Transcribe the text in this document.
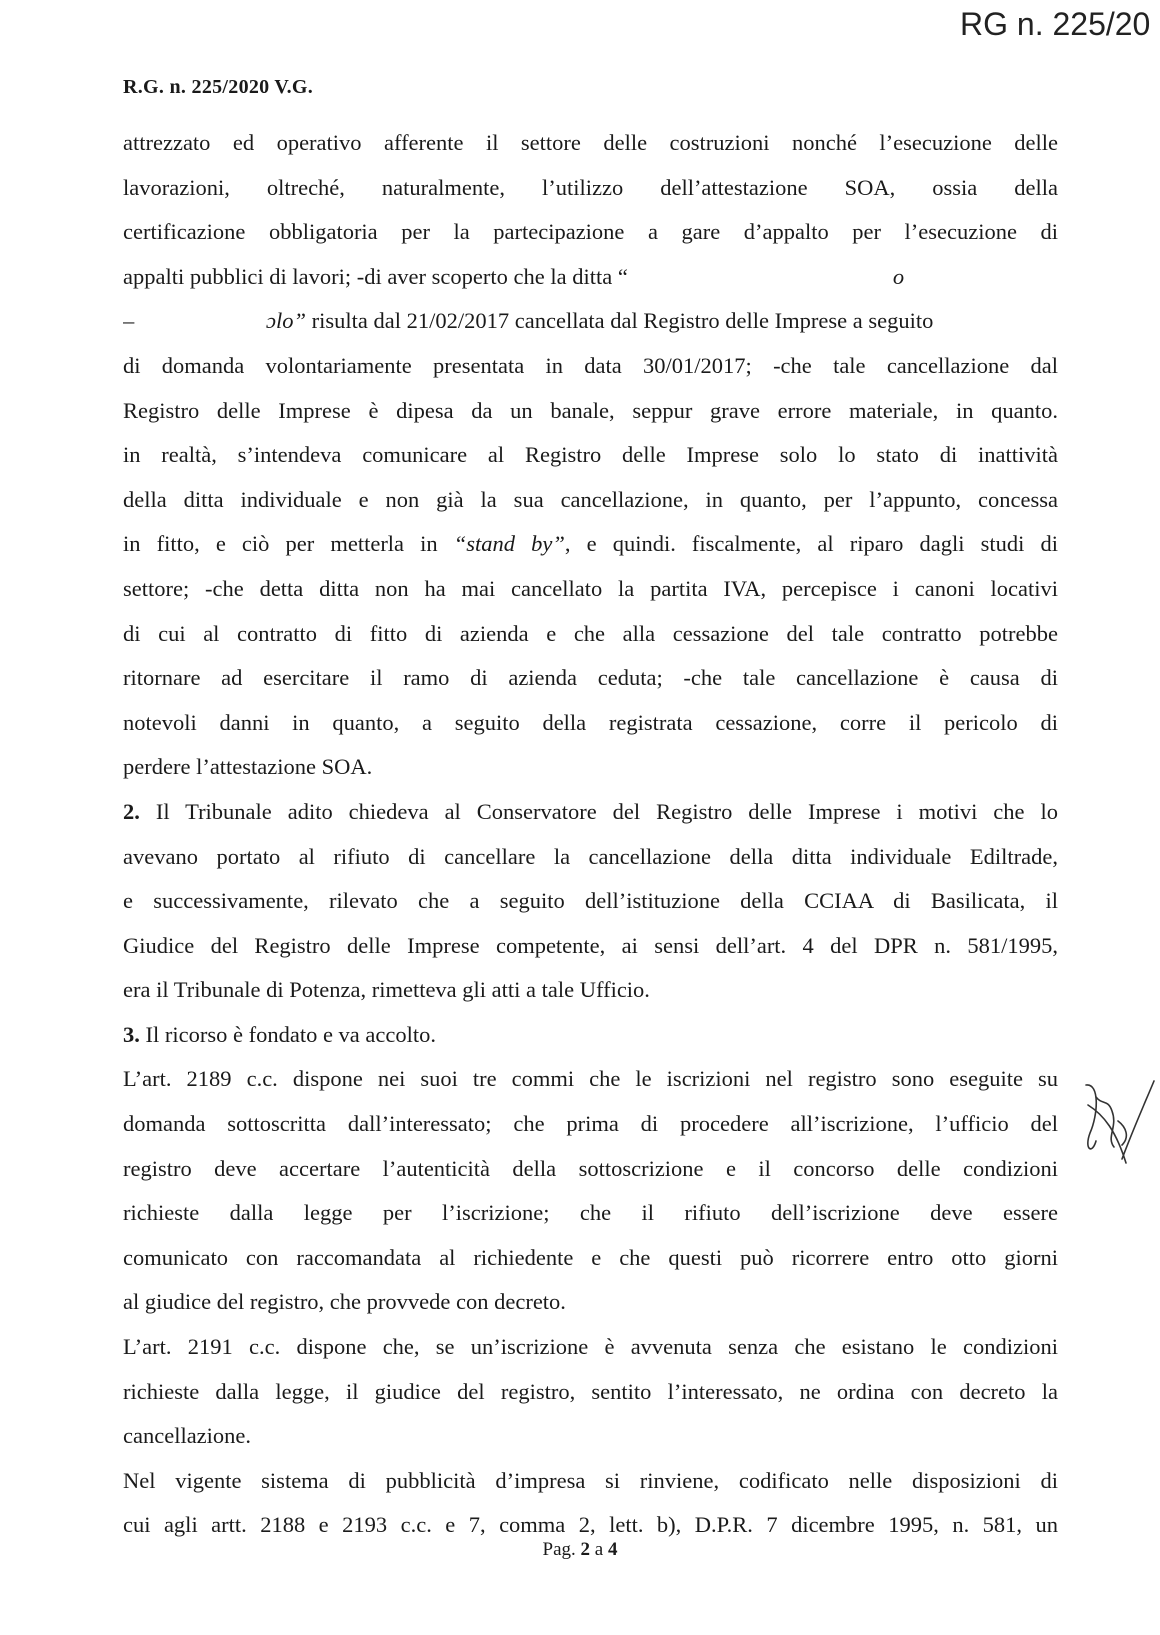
RG n. 225/20
R.G. n. 225/2020 V.G.
attrezzato ed operativo afferente il settore delle costruzioni nonché l’esecuzione delle
lavorazioni, oltreché, naturalmente, l’utilizzo dell’attestazione SOA, ossia della
certificazione obbligatoria per la partecipazione a gare d’appalto per l’esecuzione di
appalti pubblici di lavori; -di aver scoperto che la ditta “	o
–	ɔlo” risulta dal 21/02/2017 cancellata dal Registro delle Imprese a seguito
di domanda volontariamente presentata in data 30/01/2017; -che tale cancellazione dal
Registro delle Imprese è dipesa da un banale, seppur grave errore materiale, in quanto.
in realtà, s’intendeva comunicare al Registro delle Imprese solo lo stato di inattività
della ditta individuale e non già la sua cancellazione, in quanto, per l’appunto, concessa
in fitto, e ciò per metterla in “stand by”, e quindi. fiscalmente, al riparo dagli studi di
settore; -che detta ditta non ha mai cancellato la partita IVA, percepisce i canoni locativi
di cui al contratto di fitto di azienda e che alla cessazione del tale contratto potrebbe
ritornare ad esercitare il ramo di azienda ceduta; -che tale cancellazione è causa di
notevoli danni in quanto, a seguito della registrata cessazione, corre il pericolo di
perdere l’attestazione SOA.
2. Il Tribunale adito chiedeva al Conservatore del Registro delle Imprese i motivi che lo
avevano portato al rifiuto di cancellare la cancellazione della ditta individuale Ediltrade,
e successivamente, rilevato che a seguito dell’istituzione della CCIAA di Basilicata, il
Giudice del Registro delle Imprese competente, ai sensi dell’art. 4 del DPR n. 581/1995,
era il Tribunale di Potenza, rimetteva gli atti a tale Ufficio.
3. Il ricorso è fondato e va accolto.
L’art. 2189 c.c. dispone nei suoi tre commi che le iscrizioni nel registro sono eseguite su
domanda sottoscritta dall’interessato; che prima di procedere all’iscrizione, l’ufficio del
registro deve accertare l’autenticità della sottoscrizione e il concorso delle condizioni
richieste dalla legge per l’iscrizione; che il rifiuto dell’iscrizione deve essere
comunicato con raccomandata al richiedente e che questi può ricorrere entro otto giorni
al giudice del registro, che provvede con decreto.
L’art. 2191 c.c. dispone che, se un’iscrizione è avvenuta senza che esistano le condizioni
richieste dalla legge, il giudice del registro, sentito l’interessato, ne ordina con decreto la
cancellazione.
Nel vigente sistema di pubblicità d’impresa si rinviene, codificato nelle disposizioni di
cui agli artt. 2188 e 2193 c.c. e 7, comma 2, lett. b), D.P.R. 7 dicembre 1995, n. 581, un
Pag. 2 a 4
